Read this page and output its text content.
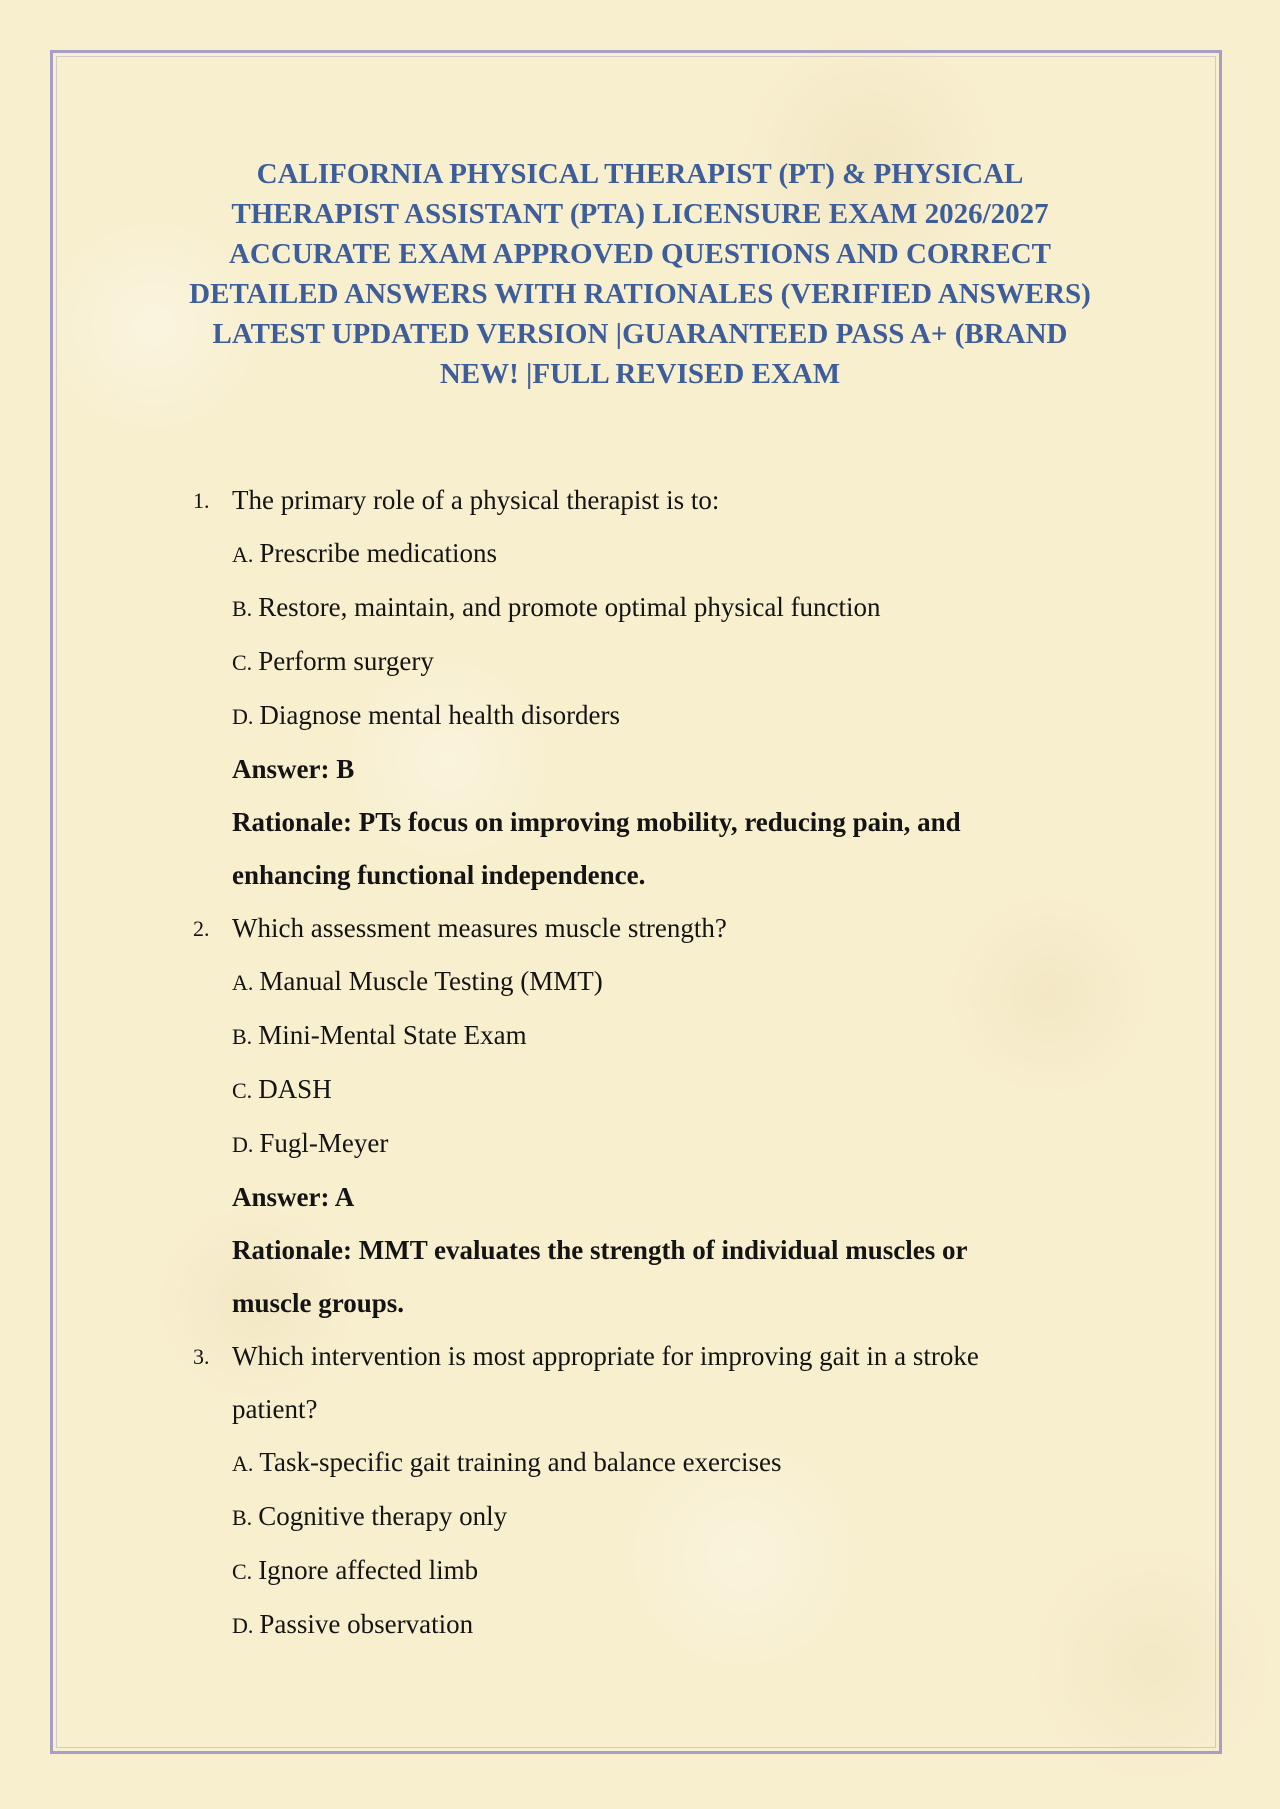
CALIFORNIA PHYSICAL THERAPIST (PT) & PHYSICAL
THERAPIST ASSISTANT (PTA) LICENSURE EXAM 2026/2027
ACCURATE EXAM APPROVED QUESTIONS AND CORRECT
DETAILED ANSWERS WITH RATIONALES (VERIFIED ANSWERS)
LATEST UPDATED VERSION |GUARANTEED PASS A+ (BRAND
NEW! |FULL REVISED EXAM
1. The primary role of a physical therapist is to:
A. Prescribe medications
B. Restore, maintain, and promote optimal physical function
C. Perform surgery
D. Diagnose mental health disorders
Answer: B
Rationale: PTs focus on improving mobility, reducing pain, and
enhancing functional independence.
2. Which assessment measures muscle strength?
A. Manual Muscle Testing (MMT)
B. Mini-Mental State Exam
C. DASH
D. Fugl-Meyer
Answer: A
Rationale: MMT evaluates the strength of individual muscles or
muscle groups.
3. Which intervention is most appropriate for improving gait in a stroke
patient?
A. Task-specific gait training and balance exercises
B. Cognitive therapy only
C. Ignore affected limb
D. Passive observation
